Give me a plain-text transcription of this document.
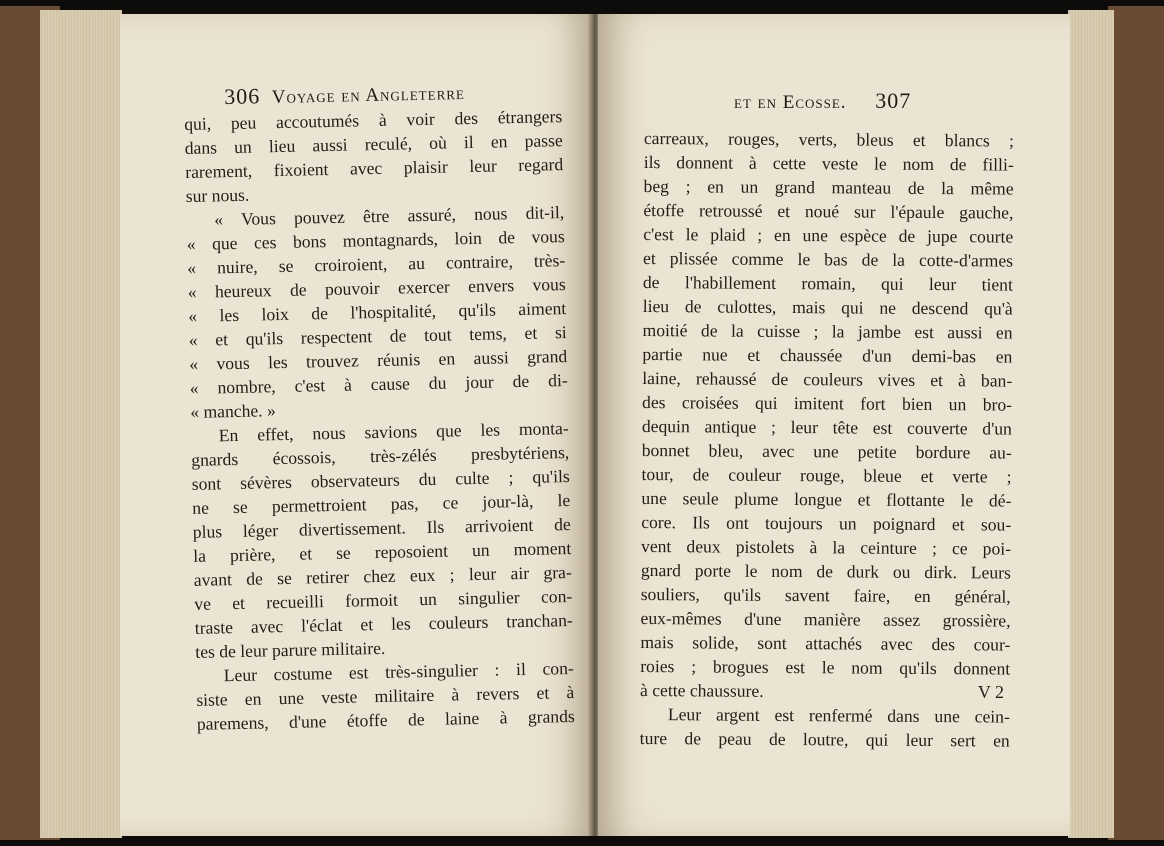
306 Voyage en Angleterre
qui, peu accoutumés à voir des étrangers
dans un lieu aussi reculé, où il en passe
rarement, fixoient avec plaisir leur regard
sur nous.
« Vous pouvez être assuré, nous dit-il,
« que ces bons montagnards, loin de vous
« nuire, se croiroient, au contraire, très-
« heureux de pouvoir exercer envers vous
« les loix de l'hospitalité, qu'ils aiment
« et qu'ils respectent de tout tems, et si
« vous les trouvez réunis en aussi grand
« nombre, c'est à cause du jour de di-
« manche. »
En effet, nous savions que les monta-
gnards écossois, très-zélés presbytériens,
sont sévères observateurs du culte ; qu'ils
ne se permettroient pas, ce jour-là, le
plus léger divertissement. Ils arrivoient de
la prière, et se reposoient un moment
avant de se retirer chez eux ; leur air gra-
ve et recueilli formoit un singulier con-
traste avec l'éclat et les couleurs tranchan-
tes de leur parure militaire.
Leur costume est très-singulier : il con-
siste en une veste militaire à revers et à
paremens, d'une étoffe de laine à grands
et en Ecosse. 307
carreaux, rouges, verts, bleus et blancs ;
ils donnent à cette veste le nom de filli-
beg ; en un grand manteau de la même
étoffe retroussé et noué sur l'épaule gauche,
c'est le plaid ; en une espèce de jupe courte
et plissée comme le bas de la cotte-d'armes
de l'habillement romain, qui leur tient
lieu de culottes, mais qui ne descend qu'à
moitié de la cuisse ; la jambe est aussi en
partie nue et chaussée d'un demi-bas en
laine, rehaussé de couleurs vives et à ban-
des croisées qui imitent fort bien un bro-
dequin antique ; leur tête est couverte d'un
bonnet bleu, avec une petite bordure au-
tour, de couleur rouge, bleue et verte ;
une seule plume longue et flottante le dé-
core. Ils ont toujours un poignard et sou-
vent deux pistolets à la ceinture ; ce poi-
gnard porte le nom de durk ou dirk. Leurs
souliers, qu'ils savent faire, en général,
eux-mêmes d'une manière assez grossière,
mais solide, sont attachés avec des cour-
roies ; brogues est le nom qu'ils donnent
à cette chaussure.
Leur argent est renfermé dans une cein-
ture de peau de loutre, qui leur sert en
V 2
